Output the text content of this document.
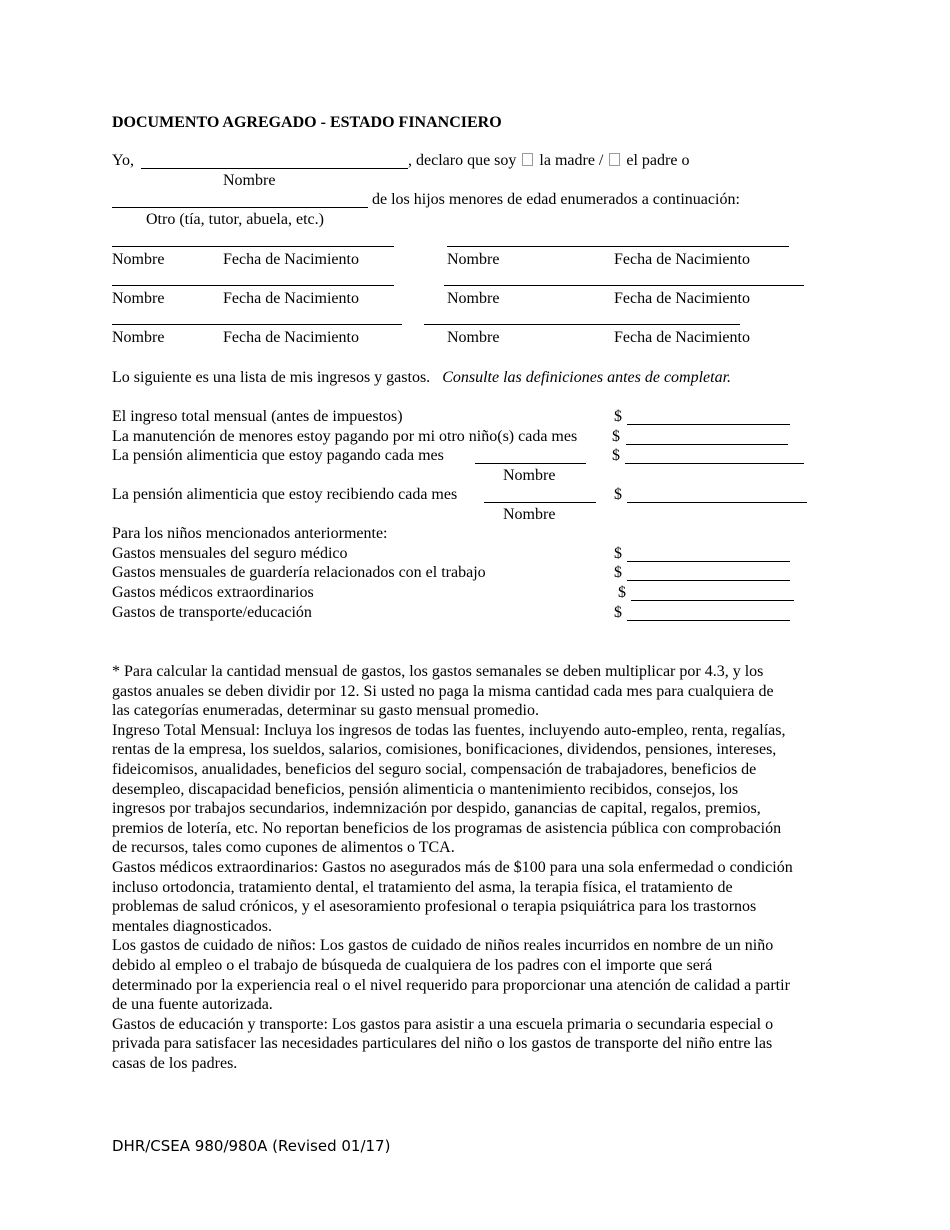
DOCUMENTO AGREGADO - ESTADO FINANCIERO
Yo,	, declaro que soy la madre / el padre o
Nombre
de los hijos menores de edad enumerados a continuación:
Otro (tía, tutor, abuela, etc.)
Nombre	Fecha de Nacimiento	Nombre	Fecha de Nacimiento
Nombre	Fecha de Nacimiento	Nombre	Fecha de Nacimiento
Nombre	Fecha de Nacimiento	Nombre	Fecha de Nacimiento
Lo siguiente es una lista de mis ingresos y gastos. Consulte las definiciones antes de completar.
El ingreso total mensual (antes de impuestos)	$
La manutención de menores estoy pagando por mi otro niño(s) cada mes $
La pensión alimenticia que estoy pagando cada mes	$
Nombre
La pensión alimenticia que estoy recibiendo cada mes	$
Nombre
Para los niños mencionados anteriormente:
Gastos mensuales del seguro médico	$
Gastos mensuales de guardería relacionados con el trabajo	$
Gastos médicos extraordinarios	$
Gastos de transporte/educación	$
* Para calcular la cantidad mensual de gastos, los gastos semanales se deben multiplicar por 4.3, y los
gastos anuales se deben dividir por 12. Si usted no paga la misma cantidad cada mes para cualquiera de
las categorías enumeradas, determinar su gasto mensual promedio.
Ingreso Total Mensual: Incluya los ingresos de todas las fuentes, incluyendo auto-empleo, renta, regalías,
rentas de la empresa, los sueldos, salarios, comisiones, bonificaciones, dividendos, pensiones, intereses,
fideicomisos, anualidades, beneficios del seguro social, compensación de trabajadores, beneficios de
desempleo, discapacidad beneficios, pensión alimenticia o mantenimiento recibidos, consejos, los
ingresos por trabajos secundarios, indemnización por despido, ganancias de capital, regalos, premios,
premios de lotería, etc. No reportan beneficios de los programas de asistencia pública con comprobación
de recursos, tales como cupones de alimentos o TCA.
Gastos médicos extraordinarios: Gastos no asegurados más de $100 para una sola enfermedad o condición
incluso ortodoncia, tratamiento dental, el tratamiento del asma, la terapia física, el tratamiento de
problemas de salud crónicos, y el asesoramiento profesional o terapia psiquiátrica para los trastornos
mentales diagnosticados.
Los gastos de cuidado de niños: Los gastos de cuidado de niños reales incurridos en nombre de un niño
debido al empleo o el trabajo de búsqueda de cualquiera de los padres con el importe que será
determinado por la experiencia real o el nivel requerido para proporcionar una atención de calidad a partir
de una fuente autorizada.
Gastos de educación y transporte: Los gastos para asistir a una escuela primaria o secundaria especial o
privada para satisfacer las necesidades particulares del niño o los gastos de transporte del niño entre las
casas de los padres.
DHR/CSEA 980/980A (Revised 01/17)
